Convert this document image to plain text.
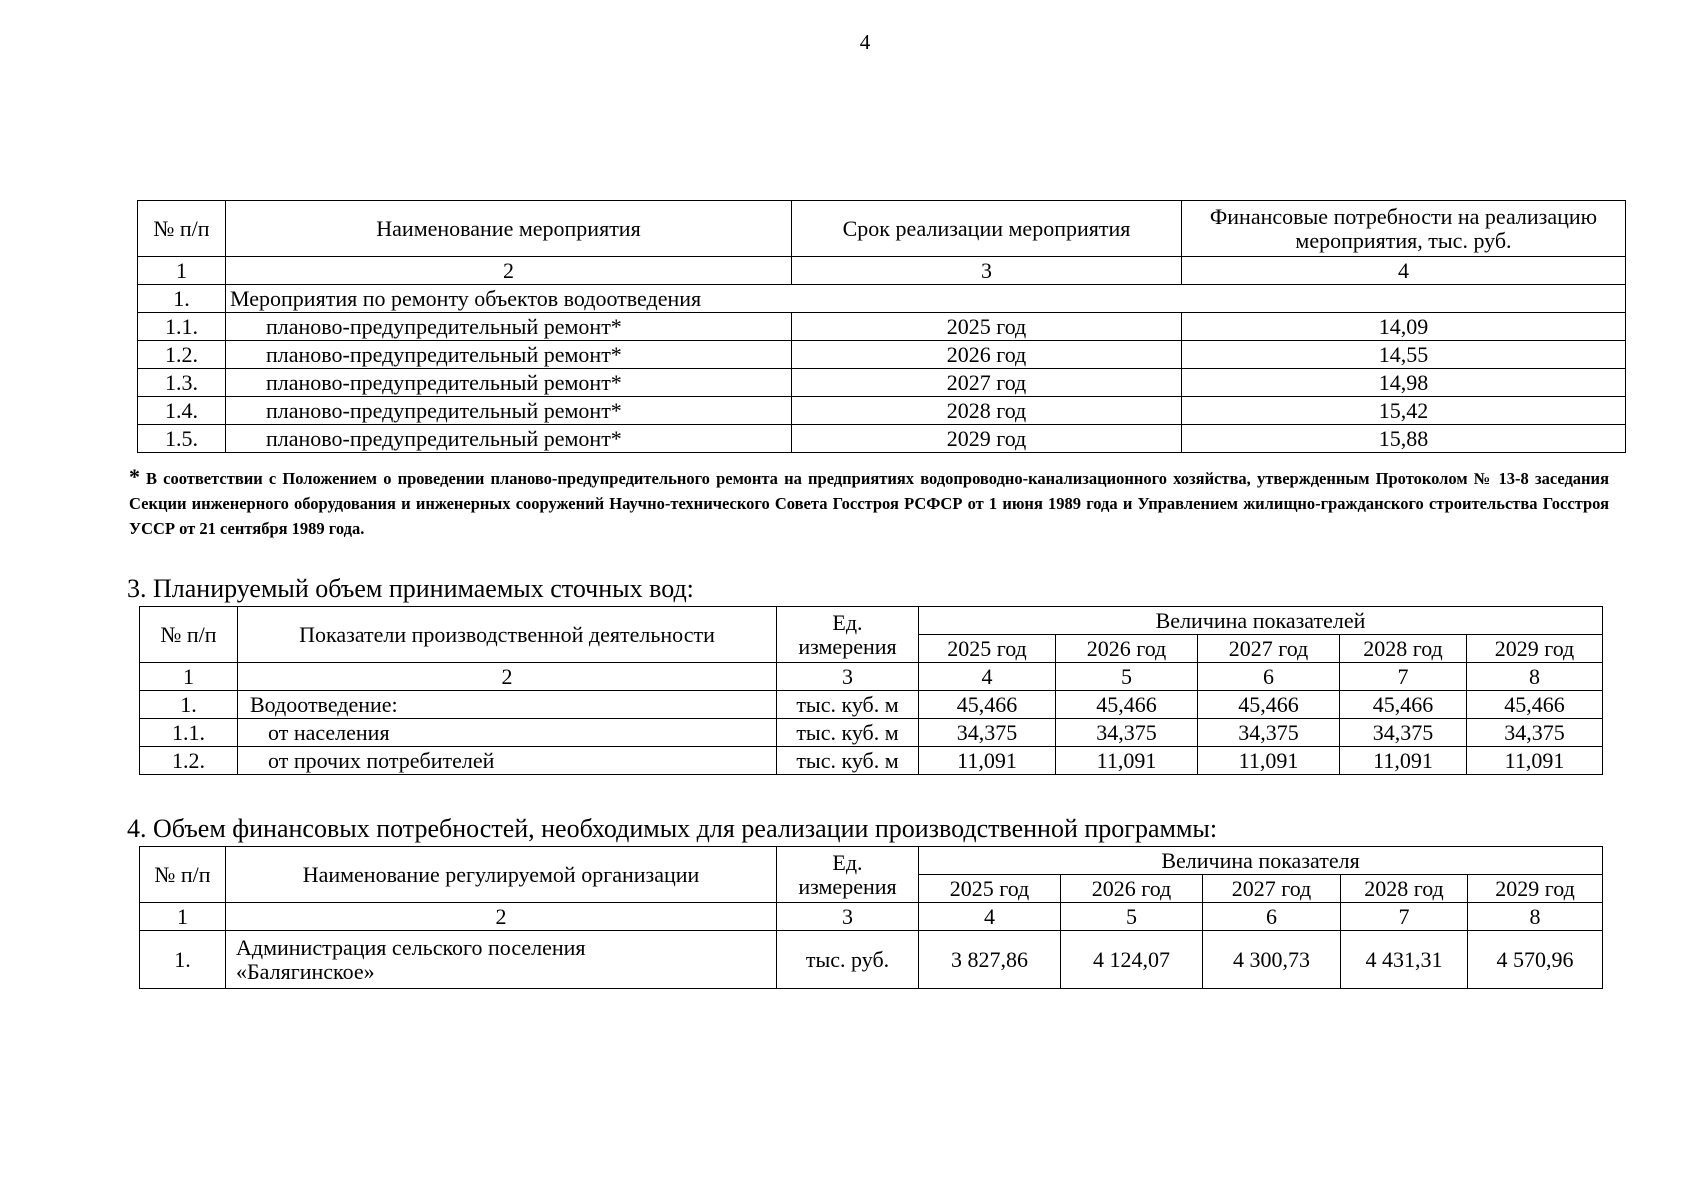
4
№ п/п	Наименование мероприятия	Срок реализации мероприятия	Финансовые потребности на реализацию мероприятия, тыс. руб.
1	2	3	4
1.	Мероприятия по ремонту объектов водоотведения		
1.1.	планово-предупредительный ремонт*	2025 год	14,09
1.2.	планово-предупредительный ремонт*	2026 год	14,55
1.3.	планово-предупредительный ремонт*	2027 год	14,98
1.4.	планово-предупредительный ремонт*	2028 год	15,42
1.5.	планово-предупредительный ремонт*	2029 год	15,88
* В соответствии с Положением о проведении планово-предупредительного ремонта на предприятиях водопроводно-канализационного хозяйства, утвержденным Протоколом № 13-8 заседания Секции инженерного оборудования и инженерных сооружений Научно-технического Совета Госстроя РСФСР от 1 июня 1989 года и Управлением жилищно-гражданского строительства Госстроя УССР от 21 сентября 1989 года.
3. Планируемый объем принимаемых сточных вод:
№ п/п	Показатели производственной деятельности	Ед. измерения	Величина показателей				
			2025 год	2026 год	2027 год	2028 год	2029 год
1	2	3	4	5	6	7	8
1.	Водоотведение:	тыс. куб. м	45,466	45,466	45,466	45,466	45,466
1.1.	от населения	тыс. куб. м	34,375	34,375	34,375	34,375	34,375
1.2.	от прочих потребителей	тыс. куб. м	11,091	11,091	11,091	11,091	11,091
4. Объем финансовых потребностей, необходимых для реализации производственной программы:
№ п/п	Наименование регулируемой организации	Ед. измерения	Величина показателя				
			2025 год	2026 год	2027 год	2028 год	2029 год
1	2	3	4	5	6	7	8
1.	Администрация сельского поселения «Балягинское»	тыс. руб.	3 827,86	4 124,07	4 300,73	4 431,31	4 570,96
